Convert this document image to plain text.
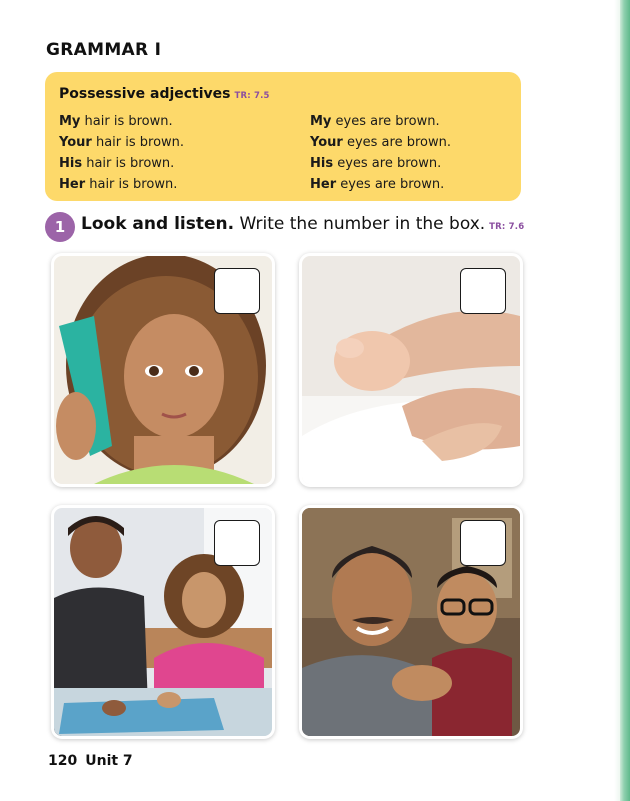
GRAMMAR I
Possessive adjectives TR: 7.5
My hair is brown.
Your hair is brown.
His hair is brown.
Her hair is brown.
My eyes are brown.
Your eyes are brown.
His eyes are brown.
Her eyes are brown.
1 Look and listen. Write the number in the box. TR: 7.6
120 Unit 7
